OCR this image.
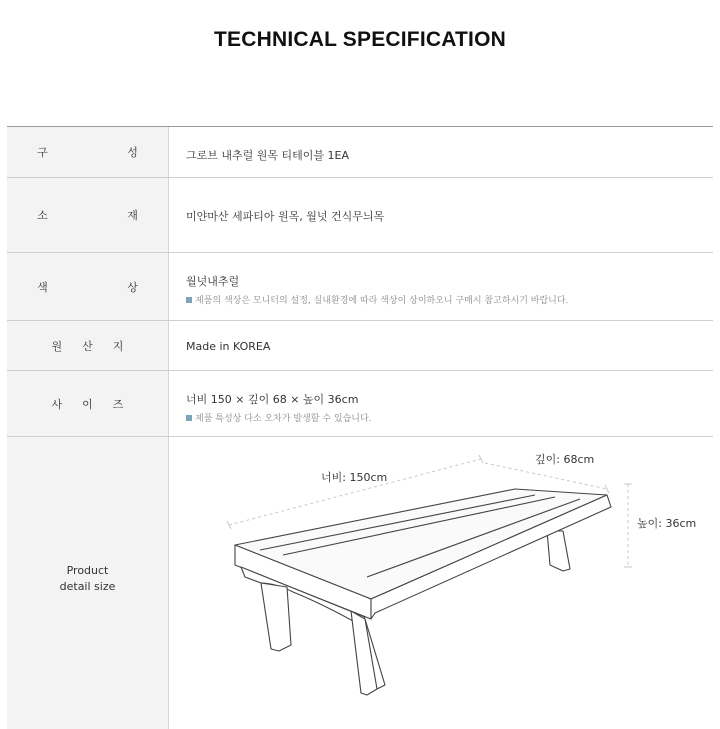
TECHNICAL SPECIFICATION
구 성 그로브 내추럴 원목 티테이블 1EA
소 재 미얀마산 세파티아 원목, 월넛 건식무늬목
색 상 월넛내추럴
제품의 색상은 모니터의 설정, 실내환경에 따라 색상이 상이하오니 구매시 참고하시기 바랍니다.
원산지	Made in KOREA
사이즈	너비 150 × 깊이 68 × 높이 36cm
제품 특성상 다소 오차가 발생할 수 있습니다.
Product
detail size
너비: 150cm
깊이: 68cm
높이: 36cm
